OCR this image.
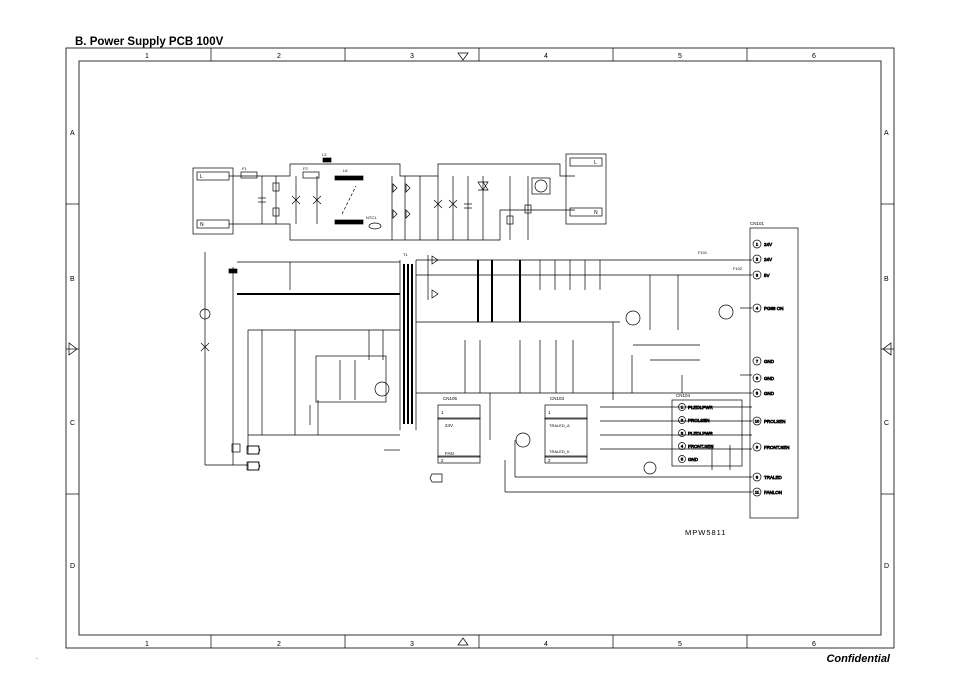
B. Power Supply PCB 100V
Confidential
.
1	2	3	4	5	6
1	2	3	4	5	6
A
B
C
D
A
B
C
D
L
N
L
N
CN105
1
24V
2
FAN
CN103
1
TRALED_A
2
TRALED_K
CN104
1 PLEDLPWR
2 PROLSEN
3 PLEDLPWR
4 FRONT.SEN
5 GND
CN101
1 24V
2 24V
3 5V
4 PG88 ON
7 GND
6 GND
5 GND
10 PROLSEN
9 FRONT.SEN
8 TRALED
11 FANLON
MPW5811
F1	F2
L3
L6
NTC1
T1	F101
F102
